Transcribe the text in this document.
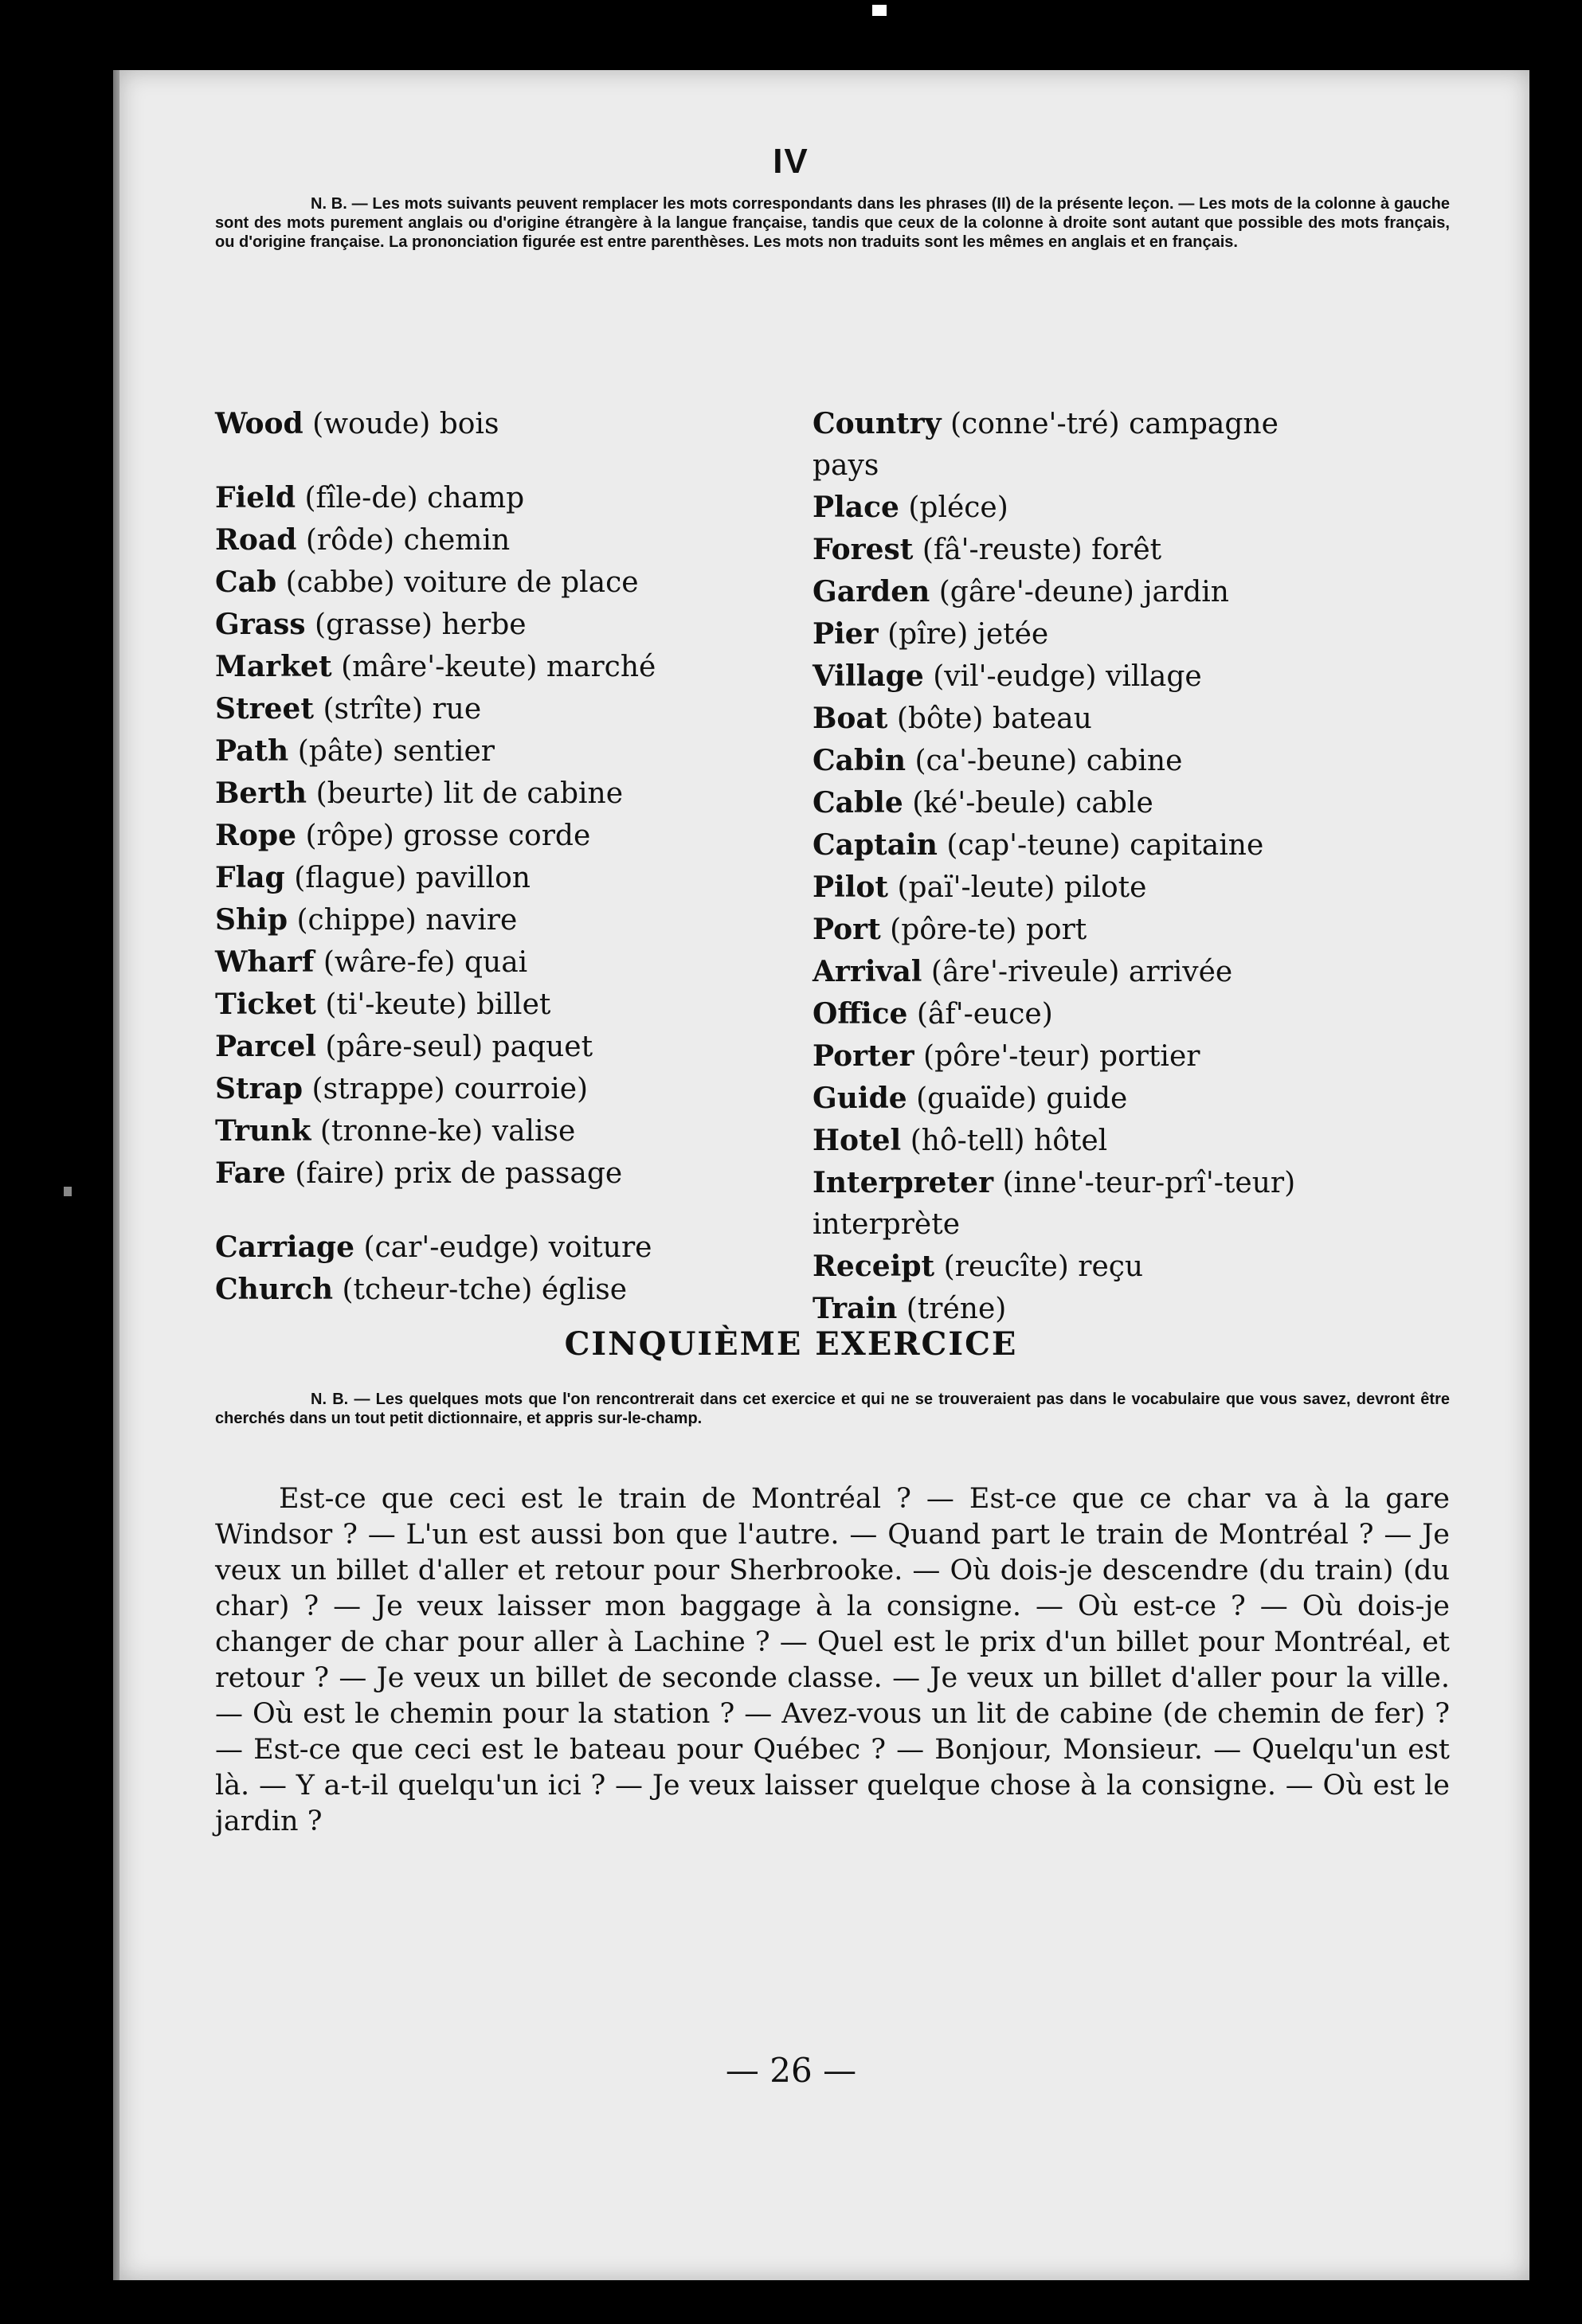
IV
N. B. — Les mots suivants peuvent remplacer les mots correspondants dans les phrases (II) de la présente leçon. — Les mots de la colonne à gauche sont des mots purement anglais ou d'origine étrangère à la langue française, tandis que ceux de la colonne à droite sont autant que possible des mots français, ou d'origine française. La prononciation figurée est entre parenthèses. Les mots non traduits sont les mêmes en anglais et en français.
Wood (woude) bois
Field (fîle-de) champ
Road (rôde) chemin
Cab (cabbe) voiture de place
Grass (grasse) herbe
Market (mâre'-keute) marché
Street (strîte) rue
Path (pâte) sentier
Berth (beurte) lit de cabine
Rope (rôpe) grosse corde
Flag (flague) pavillon
Ship (chippe) navire
Wharf (wâre-fe) quai
Ticket (ti'-keute) billet
Parcel (pâre-seul) paquet
Strap (strappe) courroie)
Trunk (tronne-ke) valise
Fare (faire) prix de passage
Carriage (car'-eudge) voiture
Church (tcheur-tche) église
Country (conne'-tré) campagne
pays
Place (pléce)
Forest (fâ'-reuste) forêt
Garden (gâre'-deune) jardin
Pier (pîre) jetée
Village (vil'-eudge) village
Boat (bôte) bateau
Cabin (ca'-beune) cabine
Cable (ké'-beule) cable
Captain (cap'-teune) capitaine
Pilot (paï'-leute) pilote
Port (pôre-te) port
Arrival (âre'-riveule) arrivée
Office (âf'-euce)
Porter (pôre'-teur) portier
Guide (guaïde) guide
Hotel (hô-tell) hôtel
Interpreter (inne'-teur-prî'-teur)
interprète
Receipt (reucîte) reçu
Train (tréne)
CINQUIÈME EXERCICE
N. B. — Les quelques mots que l'on rencontrerait dans cet exercice et qui ne se trouveraient pas dans le vocabulaire que vous savez, devront être cherchés dans un tout petit dictionnaire, et appris sur-le-champ.
Est-ce que ceci est le train de Montréal ? — Est-ce que ce char va à la gare Windsor ? — L'un est aussi bon que l'autre. — Quand part le train de Montréal ? — Je veux un billet d'aller et retour pour Sherbrooke. — Où dois-je descendre (du train) (du char) ? — Je veux laisser mon baggage à la consigne. — Où est-ce ? — Où dois-je changer de char pour aller à Lachine ? — Quel est le prix d'un billet pour Montréal, et retour ? — Je veux un billet de seconde classe. — Je veux un billet d'aller pour la ville. — Où est le chemin pour la station ? — Avez-vous un lit de cabine (de chemin de fer) ? — Est-ce que ceci est le bateau pour Québec ? — Bonjour, Monsieur. — Quelqu'un est là. — Y a-t-il quelqu'un ici ? — Je veux laisser quelque chose à la consigne. — Où est le jardin ?
— 26 —
